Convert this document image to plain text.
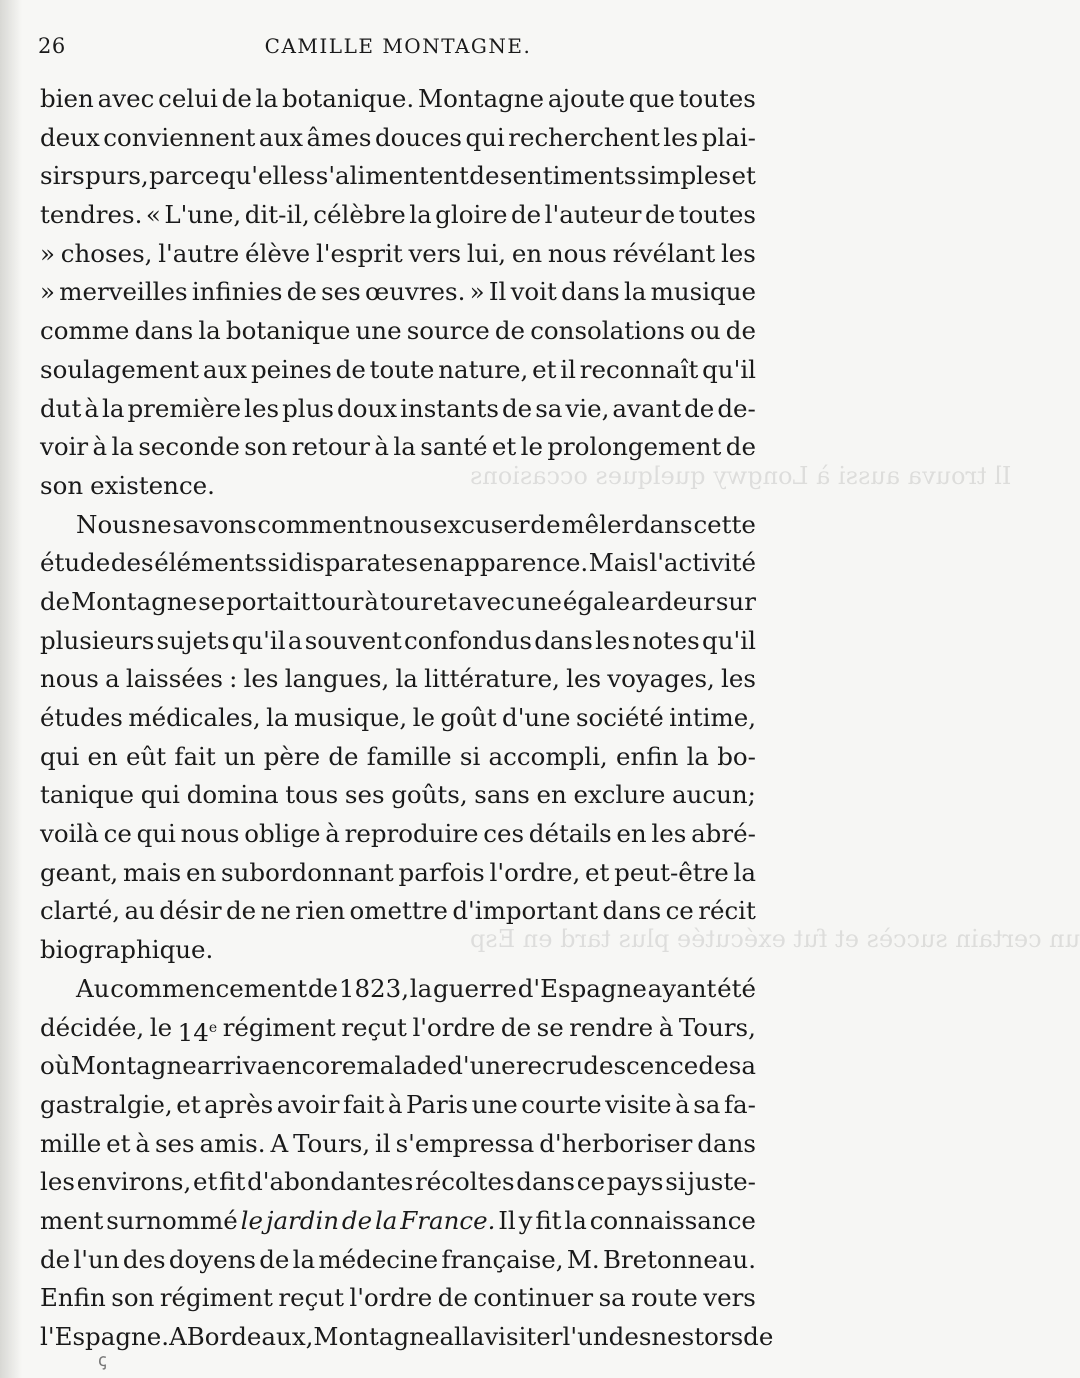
26	CAMILLE MONTAGNE.
Il trouva aussi à Longwy quelques occasions
un certain succès et fut exécutée plus tard en Esp
ꞔ
bien avec celui de la botanique. Montagne ajoute que toutes
deux conviennent aux âmes douces qui recherchent les plai-
sirs purs, parce qu'elles s'alimentent de sentiments simples et
tendres. « L'une, dit-il, célèbre la gloire de l'auteur de toutes
» choses, l'autre élève l'esprit vers lui, en nous révélant les
» merveilles infinies de ses œuvres. » Il voit dans la musique
comme dans la botanique une source de consolations ou de
soulagement aux peines de toute nature, et il reconnaît qu'il
dut à la première les plus doux instants de sa vie, avant de de-
voir à la seconde son retour à la santé et le prolongement de
son existence.
Nous ne savons comment nous excuser de mêler dans cette
étude des éléments si disparates en apparence. Mais l'activité
de Montagne se portait tour à tour et avec une égale ardeur sur
plusieurs sujets qu'il a souvent confondus dans les notes qu'il
nous a laissées : les langues, la littérature, les voyages, les
études médicales, la musique, le goût d'une société intime,
qui en eût fait un père de famille si accompli, enfin la bo-
tanique qui domina tous ses goûts, sans en exclure aucun;
voilà ce qui nous oblige à reproduire ces détails en les abré-
geant, mais en subordonnant parfois l'ordre, et peut-être la
clarté, au désir de ne rien omettre d'important dans ce récit
biographique.
Au commencement de 1823, la guerre d'Espagne ayant été
décidée, le 14e régiment reçut l'ordre de se rendre à Tours,
où Montagne arriva encore malade d'une recrudescence de sa
gastralgie, et après avoir fait à Paris une courte visite à sa fa-
mille et à ses amis. A Tours, il s'empressa d'herboriser dans
les environs, et fit d'abondantes récoltes dans ce pays si juste-
ment surnommé le jardin de la France. Il y fit la connaissance
de l'un des doyens de la médecine française, M. Bretonneau.
Enfin son régiment reçut l'ordre de continuer sa route vers
l'Espagne. A Bordeaux, Montagne alla visiter l'un des nestors de
